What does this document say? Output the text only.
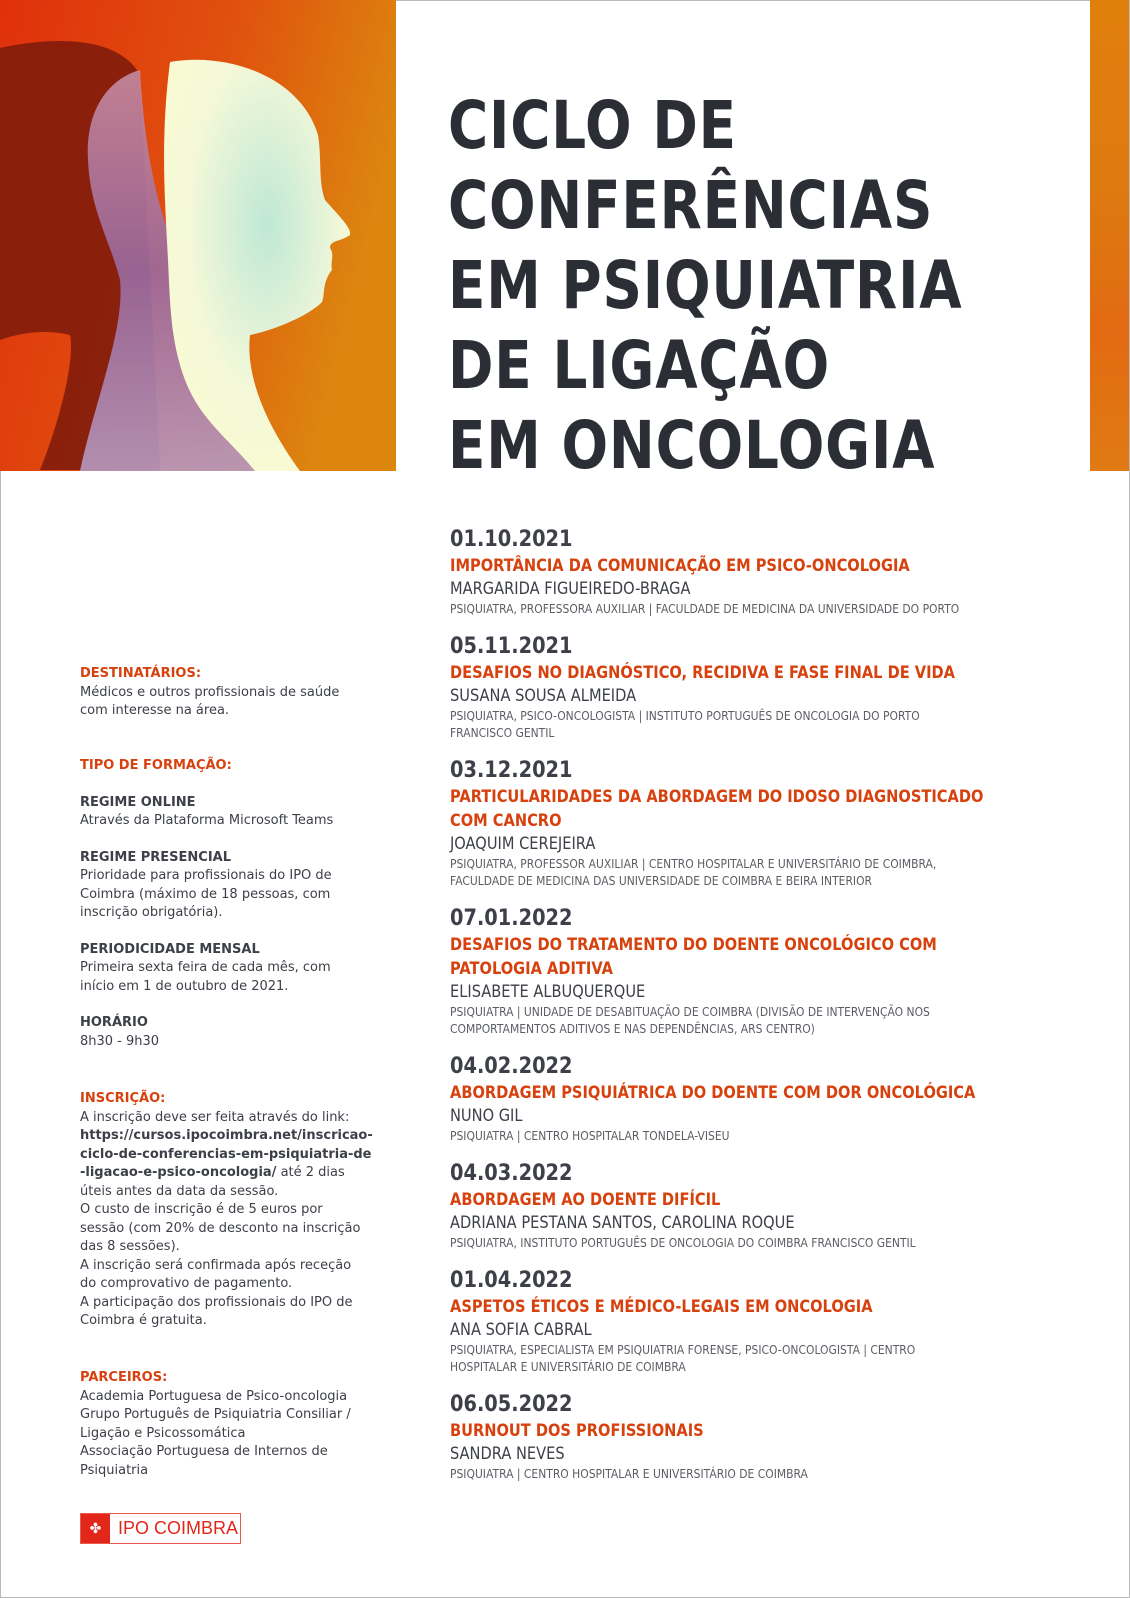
CICLO DE
CONFERÊNCIAS
EM PSIQUIATRIA
DE LIGAÇÃO
EM ONCOLOGIA
01.10.2021
IMPORTÂNCIA DA COMUNICAÇÃO EM PSICO-ONCOLOGIA
MARGARIDA FIGUEIREDO-BRAGA
PSIQUIATRA, PROFESSORA AUXILIAR | FACULDADE DE MEDICINA DA UNIVERSIDADE DO PORTO
05.11.2021
DESAFIOS NO DIAGNÓSTICO, RECIDIVA E FASE FINAL DE VIDA
SUSANA SOUSA ALMEIDA
PSIQUIATRA, PSICO-ONCOLOGISTA | INSTITUTO PORTUGUÊS DE ONCOLOGIA DO PORTO
FRANCISCO GENTIL
03.12.2021
PARTICULARIDADES DA ABORDAGEM DO IDOSO DIAGNOSTICADO
COM CANCRO
JOAQUIM CEREJEIRA
PSIQUIATRA, PROFESSOR AUXILIAR | CENTRO HOSPITALAR E UNIVERSITÁRIO DE COIMBRA,
FACULDADE DE MEDICINA DAS UNIVERSIDADE DE COIMBRA E BEIRA INTERIOR
07.01.2022
DESAFIOS DO TRATAMENTO DO DOENTE ONCOLÓGICO COM
PATOLOGIA ADITIVA
ELISABETE ALBUQUERQUE
PSIQUIATRA | UNIDADE DE DESABITUAÇÃO DE COIMBRA (DIVISÃO DE INTERVENÇÃO NOS
COMPORTAMENTOS ADITIVOS E NAS DEPENDÊNCIAS, ARS CENTRO)
04.02.2022
ABORDAGEM PSIQUIÁTRICA DO DOENTE COM DOR ONCOLÓGICA
NUNO GIL
PSIQUIATRA | CENTRO HOSPITALAR TONDELA-VISEU
04.03.2022
ABORDAGEM AO DOENTE DIFÍCIL
ADRIANA PESTANA SANTOS, CAROLINA ROQUE
PSIQUIATRA, INSTITUTO PORTUGUÊS DE ONCOLOGIA DO COIMBRA FRANCISCO GENTIL
01.04.2022
ASPETOS ÉTICOS E MÉDICO-LEGAIS EM ONCOLOGIA
ANA SOFIA CABRAL
PSIQUIATRA, ESPECIALISTA EM PSIQUIATRIA FORENSE, PSICO-ONCOLOGISTA | CENTRO
HOSPITALAR E UNIVERSITÁRIO DE COIMBRA
06.05.2022
BURNOUT DOS PROFISSIONAIS
SANDRA NEVES
PSIQUIATRA | CENTRO HOSPITALAR E UNIVERSITÁRIO DE COIMBRA

DESTINATÁRIOS:

Médicos e outros profissionais de saúde

com interesse na área.

TIPO DE FORMAÇÃO:

REGIME ONLINE

Através da Plataforma Microsoft Teams

REGIME PRESENCIAL

Prioridade para profissionais do IPO de

Coimbra (máximo de 18 pessoas, com

inscrição obrigatória).

PERIODICIDADE MENSAL

Primeira sexta feira de cada mês, com

início em 1 de outubro de 2021.

HORÁRIO

8h30 - 9h30

INSCRIÇÃO:

A inscrição deve ser feita através do link:

https://cursos.ipocoimbra.net/inscricao-

ciclo-de-conferencias-em-psiquiatria-de

-ligacao-e-psico-oncologia/ até 2 dias

úteis antes da data da sessão.

O custo de inscrição é de 5 euros por

sessão (com 20% de desconto na inscrição

das 8 sessões).

A inscrição será confirmada após receção

do comprovativo de pagamento.

A participação dos profissionais do IPO de

Coimbra é gratuita.

PARCEIROS:

Academia Portuguesa de Psico-oncologia

Grupo Português de Psiquiatria Consiliar /

Ligação e Psicossomática

Associação Portuguesa de Internos de

Psiquiatria

✤ IPO COIMBRA
